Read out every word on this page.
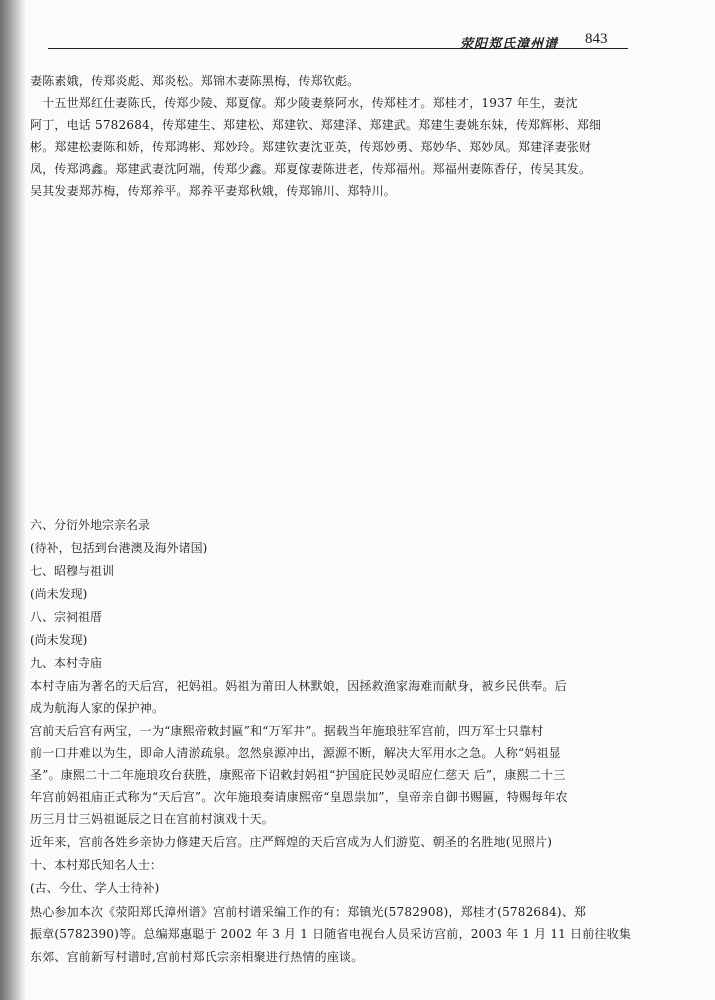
荥阳郑氏漳州谱 843
妻陈素娥，传郑炎彪、郑炎松。郑锦木妻陈黑梅，传郑钦彪。
　十五世郑红仕妻陈氏，传郑少陵、郑夏傢。郑少陵妻蔡阿水，传郑桂才。郑桂才，1937 年生，妻沈
阿丁，电话 5782684，传郑建生、郑建松、郑建钦、郑建泽、郑建武。郑建生妻姚东妹，传郑辉彬、郑细
彬。郑建松妻陈和娇，传郑鸿彬、郑妙玲。郑建钦妻沈亚英，传郑妙勇、郑妙华、郑妙凤。郑建泽妻张财
凤，传郑鸿鑫。郑建武妻沈阿端，传郑少鑫。郑夏傢妻陈进老，传郑福州。郑福州妻陈香仔，传吴其发。
吴其发妻郑苏梅，传郑养平。郑养平妻郑秋娥，传郑锦川、郑特川。
六、分衍外地宗亲名录
(待补，包括到台港澳及海外诸国)
七、昭穆与祖训
(尚未发现)
八、宗祠祖厝
(尚未发现)
九、本村寺庙
本村寺庙为著名的天后宫，祀妈祖。妈祖为莆田人林默娘，因拯救渔家海难而献身，被乡民供奉。后
成为航海人家的保护神。
宫前天后宫有两宝，一为“康熙帝敕封匾”和“万军井”。据载当年施琅驻军宫前，四万军士只靠村
前一口井难以为生，即命人清淤疏泉。忽然泉源冲出，源源不断，解决大军用水之急。人称“妈祖显
圣”。康熙二十二年施琅攻台获胜，康熙帝下诏敕封妈祖“护国庇民妙灵昭应仁慈天 后”，康熙二十三
年宫前妈祖庙正式称为“天后宫”。次年施琅奏请康熙帝“皇恩祟加”，皇帝亲自御书赐匾，特赐每年农
历三月廿三妈祖诞辰之日在宫前村演戏十天。
近年来，宫前各姓乡亲协力修建天后宫。庄严辉煌的天后宫成为人们游览、朝圣的名胜地(见照片)
十、本村郑氏知名人士：
(古、今仕、学人士待补)
热心参加本次《荥阳郑氏漳州谱》宫前村谱采编工作的有：郑镇光(5782908)，郑桂才(5782684)、郑
振章(5782390)等。总编郑惠聪于 2002 年 3 月 1 日随省电视台人员采访宫前，2003 年 1 月 11 日前往收集
东郊、宫前新写村谱时,宫前村郑氏宗亲相聚进行热情的座谈。
